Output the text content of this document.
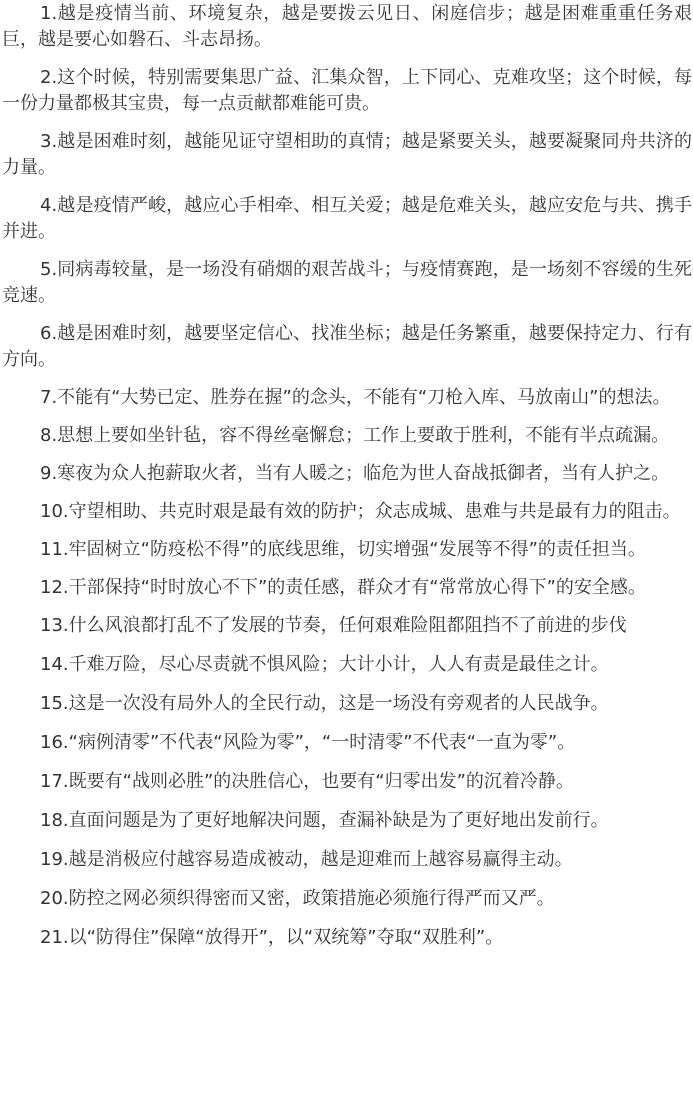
1.越是疫情当前、环境复杂，越是要拨云见日、闲庭信步；越是困难重重任务艰巨，越是要心如磐石、斗志昂扬。

2.这个时候，特别需要集思广益、汇集众智，上下同心、克难攻坚；这个时候，每一份力量都极其宝贵，每一点贡献都难能可贵。

3.越是困难时刻，越能见证守望相助的真情；越是紧要关头，越要凝聚同舟共济的力量。

4.越是疫情严峻，越应心手相牵、相互关爱；越是危难关头，越应安危与共、携手并进。

5.同病毒较量，是一场没有硝烟的艰苦战斗；与疫情赛跑，是一场刻不容缓的生死竞速。

6.越是困难时刻，越要坚定信心、找准坐标；越是任务繁重，越要保持定力、行有方向。

7.不能有“大势已定、胜券在握”的念头，不能有“刀枪入库、马放南山”的想法。

8.思想上要如坐针毡，容不得丝毫懈怠；工作上要敢于胜利，不能有半点疏漏。

9.寒夜为众人抱薪取火者，当有人暖之；临危为世人奋战抵御者，当有人护之。

10.守望相助、共克时艰是最有效的防护；众志成城、患难与共是最有力的阻击。

11.牢固树立“防疫松不得”的底线思维，切实增强“发展等不得”的责任担当。

12.干部保持“时时放心不下”的责任感，群众才有“常常放心得下”的安全感。

13.什么风浪都打乱不了发展的节奏，任何艰难险阻都阻挡不了前进的步伐

14.千难万险，尽心尽责就不惧风险；大计小计，人人有责是最佳之计。

15.这是一次没有局外人的全民行动，这是一场没有旁观者的人民战争。

16.“病例清零”不代表“风险为零”，“一时清零”不代表“一直为零”。

17.既要有“战则必胜”的决胜信心，也要有“归零出发”的沉着冷静。

18.直面问题是为了更好地解决问题，查漏补缺是为了更好地出发前行。

19.越是消极应付越容易造成被动，越是迎难而上越容易赢得主动。

20.防控之网必须织得密而又密，政策措施必须施行得严而又严。

21.以“防得住”保障“放得开”，以“双统筹”夺取“双胜利”。
